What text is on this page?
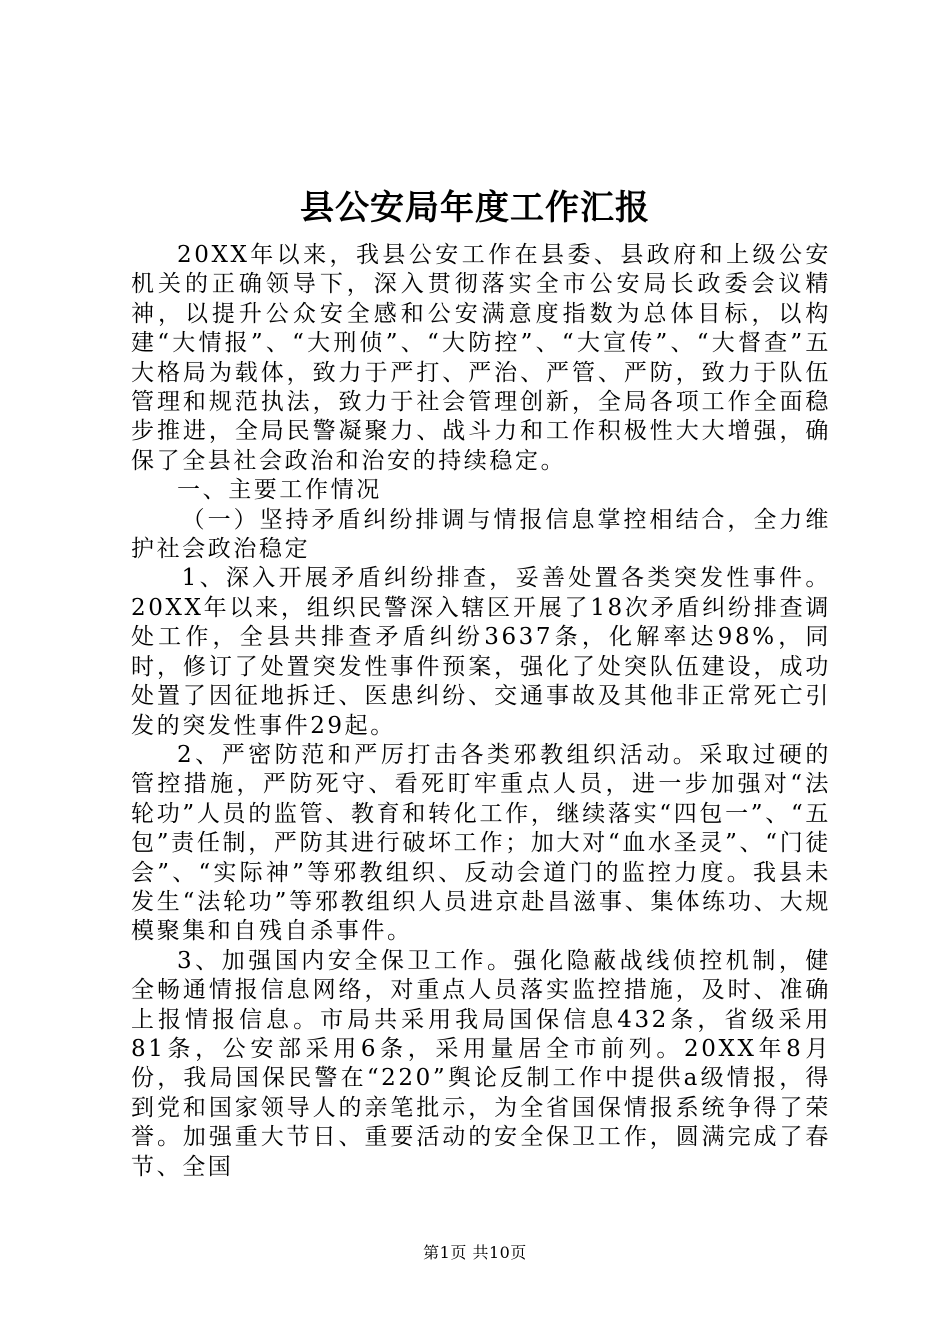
县公安局年度工作汇报

20XX年以来，我县公安工作在县委、县政府和上级公安机关的正确领导下，深入贯彻落实全市公安局长政委会议精神，以提升公众安全感和公安满意度指数为总体目标，以构建“大情报”、“大刑侦”、“大防控”、“大宣传”、“大督查”五大格局为载体，致力于严打、严治、严管、严防，致力于队伍管理和规范执法，致力于社会管理创新，全局各项工作全面稳步推进，全局民警凝聚力、战斗力和工作积极性大大增强，确保了全县社会政治和治安的持续稳定。

一、主要工作情况

（一）坚持矛盾纠纷排调与情报信息掌控相结合，全力维护社会政治稳定

1、深入开展矛盾纠纷排查，妥善处置各类突发性事件。20XX年以来，组织民警深入辖区开展了18次矛盾纠纷排查调处工作，全县共排查矛盾纠纷3637条，化解率达98%，同时，修订了处置突发性事件预案，强化了处突队伍建设，成功处置了因征地拆迁、医患纠纷、交通事故及其他非正常死亡引发的突发性事件29起。

2、严密防范和严厉打击各类邪教组织活动。采取过硬的管控措施，严防死守、看死盯牢重点人员，进一步加强对“法轮功”人员的监管、教育和转化工作，继续落实“四包一”、“五包”责任制，严防其进行破坏工作；加大对“血水圣灵”、“门徒会”、“实际神”等邪教组织、反动会道门的监控力度。我县未发生“法轮功”等邪教组织人员进京赴昌滋事、集体练功、大规模聚集和自残自杀事件。

3、加强国内安全保卫工作。强化隐蔽战线侦控机制，健全畅通情报信息网络，对重点人员落实监控措施，及时、准确上报情报信息。市局共采用我局国保信息432条，省级采用81条，公安部采用6条，采用量居全市前列。20XX年8月份，我局国保民警在“220”舆论反制工作中提供a级情报，得到党和国家领导人的亲笔批示，为全省国保情报系统争得了荣誉。加强重大节日、重要活动的安全保卫工作，圆满完成了春节、全国

第1页 共10页
